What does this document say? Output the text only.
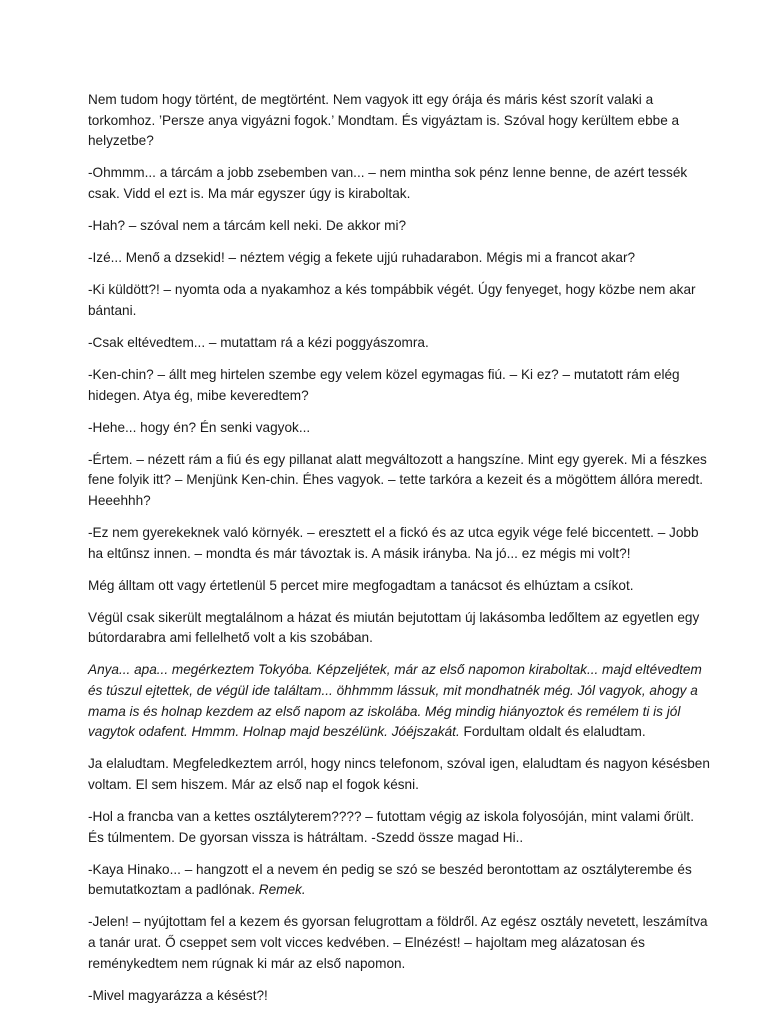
Nem tudom hogy történt, de megtörtént. Nem vagyok itt egy órája és máris kést szorít valaki a torkomhoz. ’Persze anya vigyázni fogok.’ Mondtam. És vigyáztam is. Szóval hogy kerültem ebbe a helyzetbe?

-Ohmmm... a tárcám a jobb zsebemben van... – nem mintha sok pénz lenne benne, de azért tessék csak. Vidd el ezt is. Ma már egyszer úgy is kiraboltak.

-Hah? – szóval nem a tárcám kell neki. De akkor mi?

-Izé... Menő a dzsekid! – néztem végig a fekete ujjú ruhadarabon. Mégis mi a francot akar?

-Ki küldött?! – nyomta oda a nyakamhoz a kés tompábbik végét. Úgy fenyeget, hogy közbe nem akar bántani.

-Csak eltévedtem... – mutattam rá a kézi poggyászomra.

-Ken-chin? – állt meg hirtelen szembe egy velem közel egymagas fiú. – Ki ez? – mutatott rám elég hidegen. Atya ég, mibe keveredtem?

-Hehe... hogy én? Én senki vagyok...

-Értem. – nézett rám a fiú és egy pillanat alatt megváltozott a hangszíne. Mint egy gyerek. Mi a fészkes fene folyik itt? – Menjünk Ken-chin. Éhes vagyok. – tette tarkóra a kezeit és a mögöttem állóra meredt. Heeehhh?

-Ez nem gyerekeknek való környék. – eresztett el a fickó és az utca egyik vége felé biccentett. – Jobb ha eltűnsz innen. – mondta és már távoztak is. A másik irányba. Na jó... ez mégis mi volt?!

Még álltam ott vagy értetlenül 5 percet mire megfogadtam a tanácsot és elhúztam a csíkot.

Végül csak sikerült megtalálnom a házat és miután bejutottam új lakásomba ledőltem az egyetlen egy bútordarabra ami fellelhető volt a kis szobában.

Anya... apa... megérkeztem Tokyóba. Képzeljétek, már az első napomon kiraboltak... majd eltévedtem és túszul ejtettek, de végül ide találtam... öhhmmm lássuk, mit mondhatnék még. Jól vagyok, ahogy a mama is és holnap kezdem az első napom az iskolába. Még mindig hiányoztok és remélem ti is jól vagytok odafent. Hmmm. Holnap majd beszélünk. Jóéjszakát. Fordultam oldalt és elaludtam.

Ja elaludtam. Megfeledkeztem arról, hogy nincs telefonom, szóval igen, elaludtam és nagyon késésben voltam. El sem hiszem. Már az első nap el fogok késni.

-Hol a francba van a kettes osztályterem???? – futottam végig az iskola folyosóján, mint valami őrült. És túlmentem. De gyorsan vissza is hátráltam. -Szedd össze magad Hi..

-Kaya Hinako... – hangzott el a nevem én pedig se szó se beszéd berontottam az osztályterembe és bemutatkoztam a padlónak. Remek.

-Jelen! – nyújtottam fel a kezem és gyorsan felugrottam a földről. Az egész osztály nevetett, leszámítva a tanár urat. Ő cseppet sem volt vicces kedvében. – Elnézést! – hajoltam meg alázatosan és reménykedtem nem rúgnak ki már az első napomon.

-Mivel magyarázza a késést?!
